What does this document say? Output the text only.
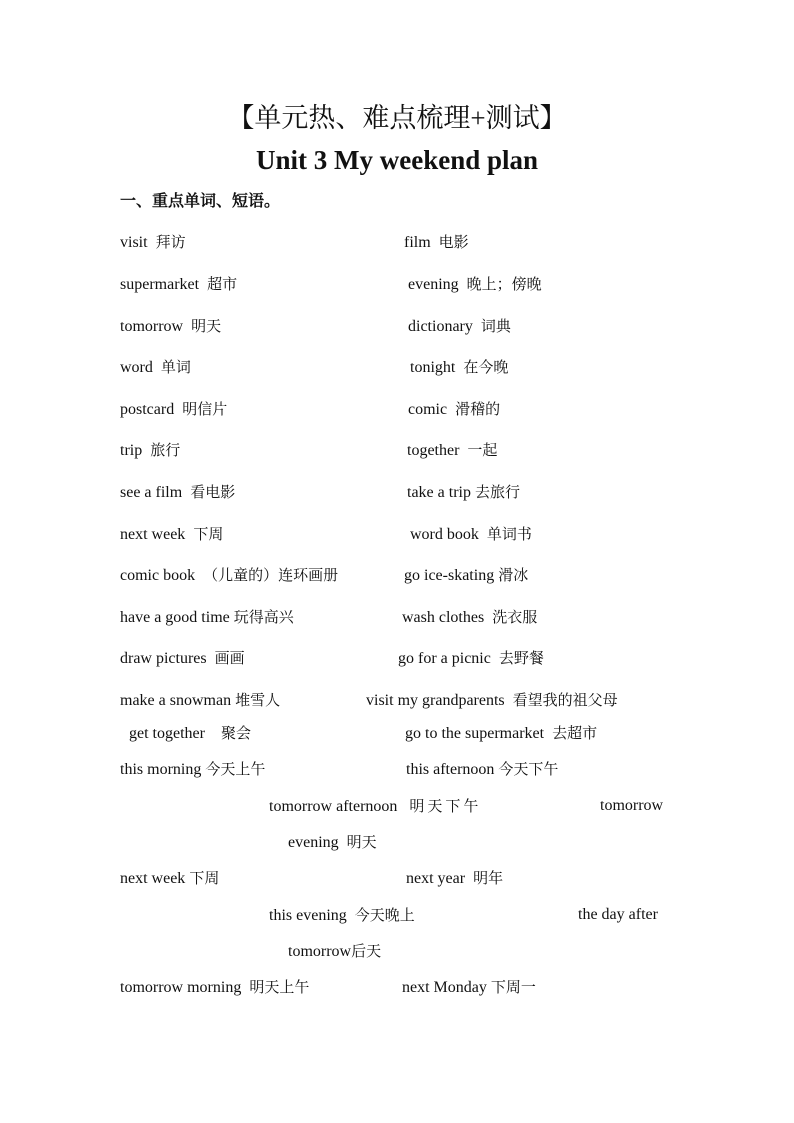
【单元热、难点梳理+测试】
Unit 3 My weekend plan
一、重点单词、短语。
visit 拜访	film 电影
supermarket 超市	evening 晚上；傍晚
tomorrow 明天	dictionary 词典
word 单词	tonight 在今晚
postcard 明信片	comic 滑稽的
trip 旅行	together 一起
see a film 看电影	take a trip 去旅行
next week 下周	word book 单词书
comic book （儿童的）连环画册	go ice-skating 滑冰
have a good time 玩得高兴	wash clothes 洗衣服
draw pictures 画画	go for a picnic 去野餐
make a snowman 堆雪人	visit my grandparents 看望我的祖父母
get together 聚会	go to the supermarket 去超市
this morning 今天上午	this afternoon 今天下午
tomorrow afternoon 明天下午	tomorrow
evening 明天
next week 下周	next year 明年
this evening 今天晚上	the day after
tomorrow后天
tomorrow morning 明天上午	next Monday 下周一
